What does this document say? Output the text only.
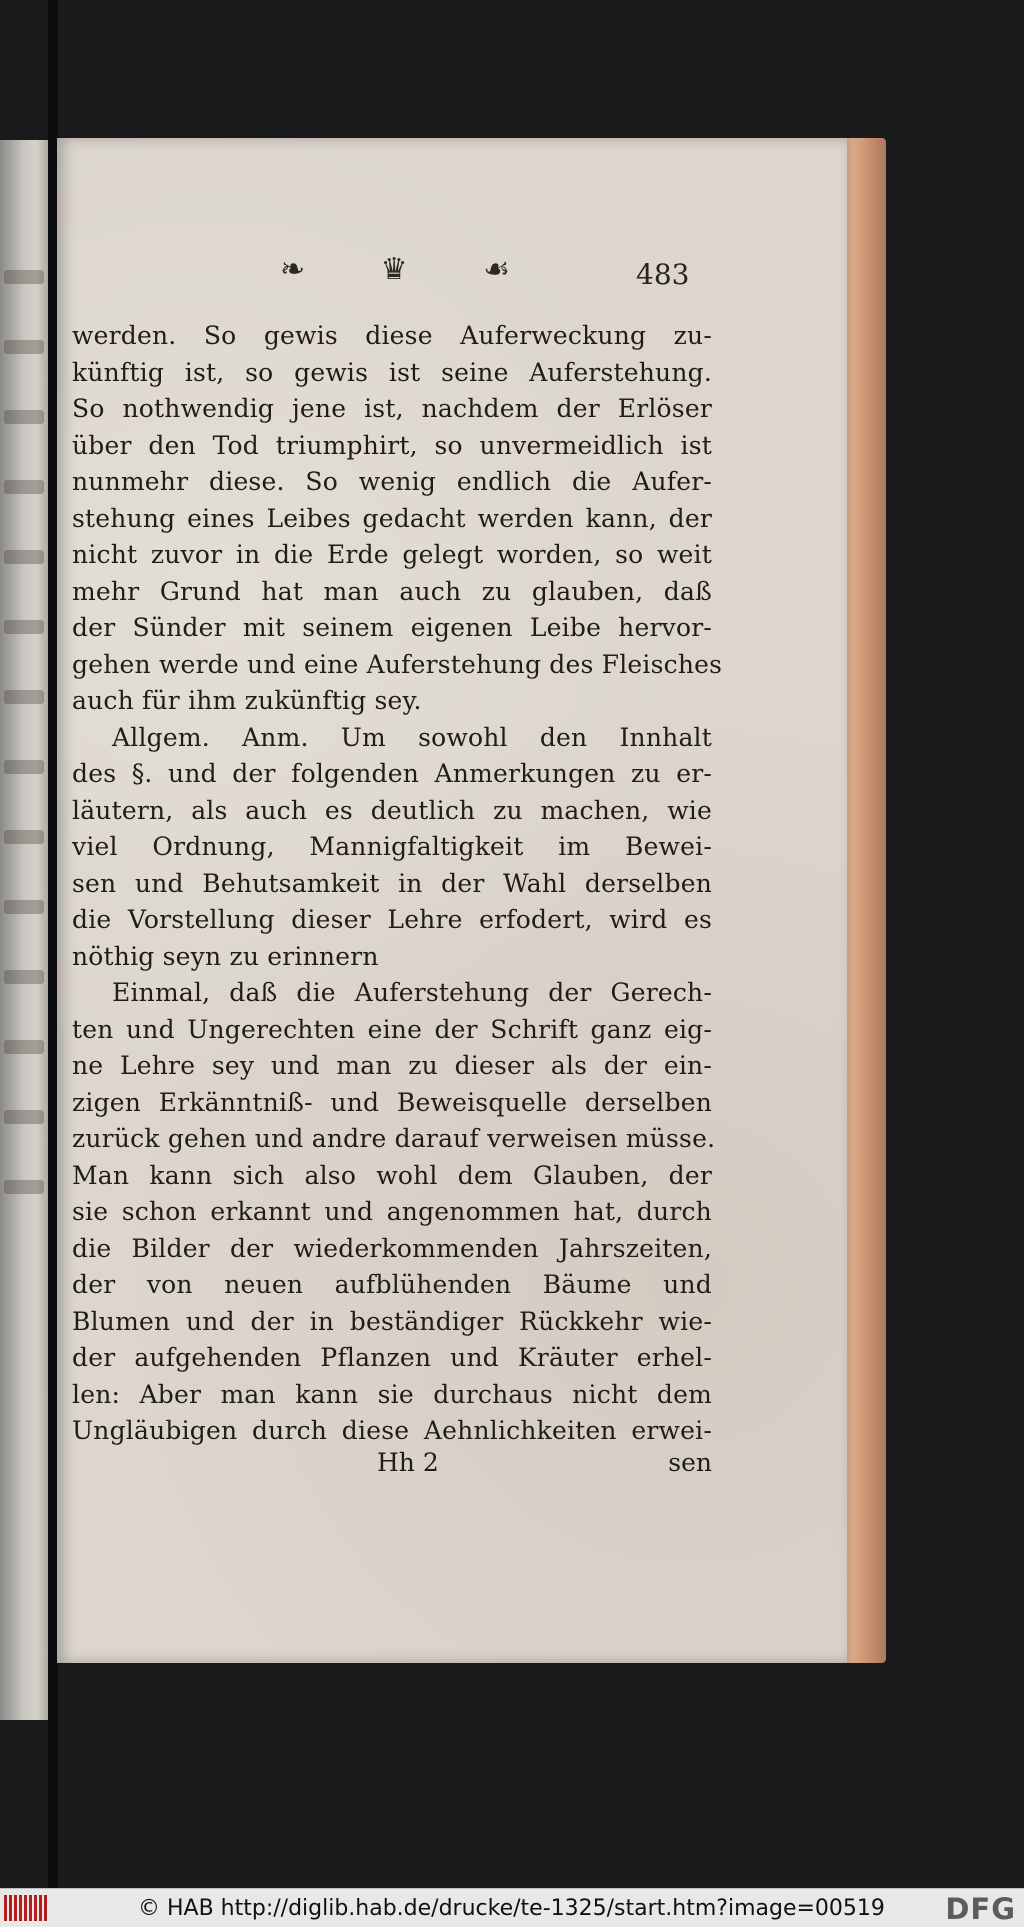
❧	♛	☙	483
werden. So gewis diese Auferweckung zu-
künftig ist, so gewis ist seine Auferstehung.
So nothwendig jene ist, nachdem der Erlöser
über den Tod triumphirt, so unvermeidlich ist
nunmehr diese. So wenig endlich die Aufer-
stehung eines Leibes gedacht werden kann, der
nicht zuvor in die Erde gelegt worden, so weit
mehr Grund hat man auch zu glauben, daß
der Sünder mit seinem eigenen Leibe hervor-
gehen werde und eine Auferstehung des Fleisches
auch für ihm zukünftig sey.
Allgem. Anm. Um sowohl den Innhalt
des §. und der folgenden Anmerkungen zu er-
läutern, als auch es deutlich zu machen, wie
viel Ordnung, Mannigfaltigkeit im Bewei-
sen und Behutsamkeit in der Wahl derselben
die Vorstellung dieser Lehre erfodert, wird es
nöthig seyn zu erinnern
Einmal, daß die Auferstehung der Gerech-
ten und Ungerechten eine der Schrift ganz eig-
ne Lehre sey und man zu dieser als der ein-
zigen Erkänntniß- und Beweisquelle derselben
zurück gehen und andre darauf verweisen müsse.
Man kann sich also wohl dem Glauben, der
sie schon erkannt und angenommen hat, durch
die Bilder der wiederkommenden Jahrszeiten,
der von neuen aufblühenden Bäume und
Blumen und der in beständiger Rückkehr wie-
der aufgehenden Pflanzen und Kräuter erhel-
len: Aber man kann sie durchaus nicht dem
Ungläubigen durch diese Aehnlichkeiten erwei-
Hh 2	sen
© HAB http://diglib.hab.de/drucke/te-1325/start.htm?image=00519 DFG
